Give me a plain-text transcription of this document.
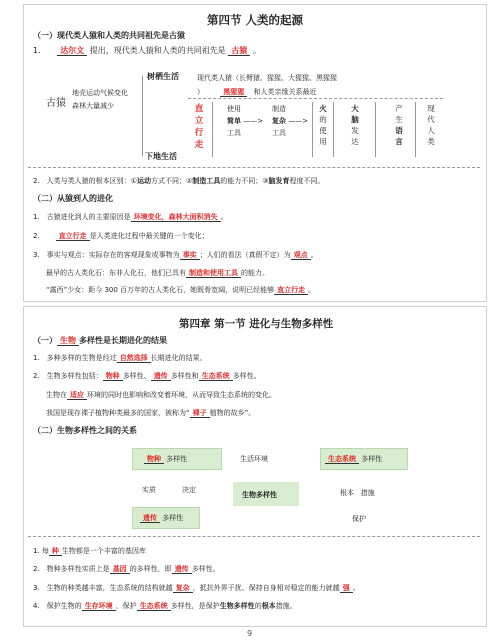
第四节 人类的起源
（一）现代类人猿和人类的共同祖先是古猿
1. 达尔文 提出，现代类人猿和人类的共同祖先是 古猿 。
古猿
地壳运动气候变化
森林大量减少
树栖生活
下地生活
现代类人猿（长臂猿、猩猩、大猩猩、黑猩猩
）	黑猩猩 和人类亲缘关系最近
直
立
行
走
使用
简单 ——>
工具
制造
复杂 ——>
工具
火
的
使
用
大
脑
发
达
产
生
语
言
现
代
人
类
2.　人类与类人猿的根本区别：①运动方式不同；②制造工具的能力不同；③脑发育程度不同。
（二）从猿到人的进化
1.　古猿进化到人的主要原因是 环境变化，森林大面积消失 。
2.	直立行走 是人类进化过程中最关键的一个变化；
3.　事实与观点：实际存在的客观现象或事物为 事实 ；人们的看法（真假不定）为 观点 。
最早的古人类化石：东非人化石，他们已具有 制造和使用工具 的能力。
“露西”少女：距今 300 百万年的古人类化石，她既骨宽阔，说明已经能够 直立行走 。
第四章 第一节 进化与生物多样性
（一） 生物 多样性是长期进化的结果
1.　多种多样的生物是经过 自然选择 长期进化的结果。
2.　生物多样性包括： 物种 多样性、 遗传 多样性和 生态系统 多样性。
生物在 适应 环境的同时也影响和改变着环境，从而导致生态系统的变化。
我国是现存裸子植物种类最多的国家，被称为“ 裸子 植物的故乡”。
（二）生物多样性之间的关系
物种 多样性	生活环境	生态系统 多样性
实质	决定
生物多样性	根本 措施
遗传 多样性	保护
1. 每 种 生物都是一个丰富的基因库
2.　物种多样性实质上是 基因 的多样性，即 遗传 多样性。
3.　生物的种类越丰富，生态系统的结构就越 复杂 ，抵抗外界干扰、保持自身相对稳定的能力就越 强 。
4.　保护生物的 生存环境 ，保护 生态系统 多样性，是保护生物多样性的根本措施。
9
